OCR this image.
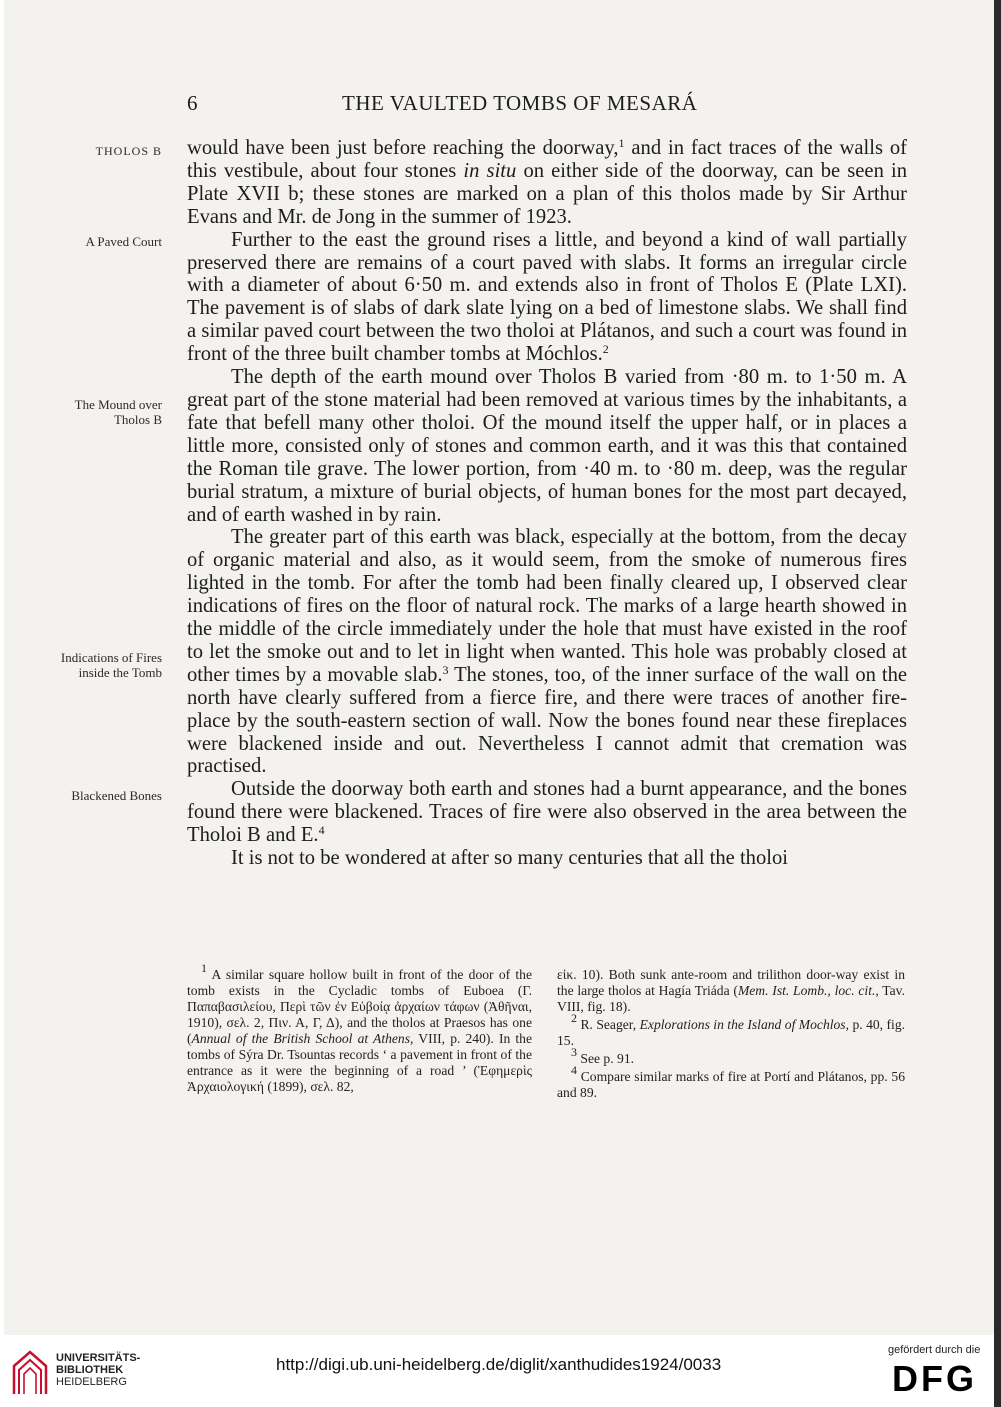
6	THE VAULTED TOMBS OF MESARÁ
THOLOS B
A Paved Court
The Mound over
Tholos B
Indications of Fires
inside the Tomb
Blackened Bones

would have been just before reaching the doorway,$^1$ and in fact traces of the walls of this vestibule, about four stones in situ on either side of the doorway, can be seen in Plate XVII b; these stones are marked on a plan of this tholos made by Sir Arthur Evans and Mr. de Jong in the summer of 1923.

Further to the east the ground rises a little, and beyond a kind of wall partially preserved there are remains of a court paved with slabs. It forms an irregular circle with a diameter of about 6·50 m. and extends also in front of Tholos E (Plate LXI). The pavement is of slabs of dark slate lying on a bed of limestone slabs. We shall find a similar paved court between the two tholoi at Plátanos, and such a court was found in front of the three built chamber tombs at Móchlos.$^2$

The depth of the earth mound over Tholos B varied from ·80 m. to 1·50 m. A great part of the stone material had been removed at various times by the inhabitants, a fate that befell many other tholoi. Of the mound itself the upper half, or in places a little more, consisted only of stones and common earth, and it was this that contained the Roman tile grave. The lower portion, from ·40 m. to ·80 m. deep, was the regular burial stratum, a mixture of burial objects, of human bones for the most part decayed, and of earth washed in by rain.

The greater part of this earth was black, especially at the bottom, from the decay of organic material and also, as it would seem, from the smoke of numerous fires lighted in the tomb. For after the tomb had been finally cleared up, I observed clear indications of fires on the floor of natural rock. The marks of a large hearth showed in the middle of the circle immediately under the hole that must have existed in the roof to let the smoke out and to let in light when wanted. This hole was probably closed at other times by a movable slab.$^3$ The stones, too, of the inner surface of the wall on the north have clearly suffered from a fierce fire, and there were traces of another fire-place by the south-eastern section of wall. Now the bones found near these fireplaces were blackened inside and out. Nevertheless I cannot admit that cremation was practised.

Outside the doorway both earth and stones had a burnt appearance, and the bones found there were blackened. Traces of fire were also observed in the area between the Tholoi B and E.$^4$

It is not to be wondered at after so many centuries that all the tholoi

$^1$ A similar square hollow built in front of the door of the tomb exists in the Cycladic tombs of Euboea (Γ. Παπαβασιλείου, Περὶ τῶν ἐν Εὐβοίᾳ ἀρχαίων τάφων (Ἀθῆναι, 1910), σελ. 2, Πιν. Α, Γ, Δ), and the tholos at Praesos has one (Annual of the British School at Athens, VIII, p. 240). In the tombs of Sýra Dr. Tsountas records ‘ a pavement in front of the entrance as it were the beginning of a road ’ (Ἐφημερὶς Ἀρχαιολογική (1899), σελ. 82,

εἰκ. 10). Both sunk ante-room and trilithon door-way exist in the large tholos at Hagía Triáda (Mem. Ist. Lomb., loc. cit., Tav. VIII, fig. 18).

$^2$ R. Seager, Explorations in the Island of Mochlos, p. 40, fig. 15.

$^3$ See p. 91.

$^4$ Compare similar marks of fire at Portí and Plátanos, pp. 56 and 89.

UNIVERSITÄTS-
BIBLIOTHEK
HEIDELBERG
http://digi.ub.uni-heidelberg.de/diglit/xanthudides1924/0033
gefördert durch die
DFG
